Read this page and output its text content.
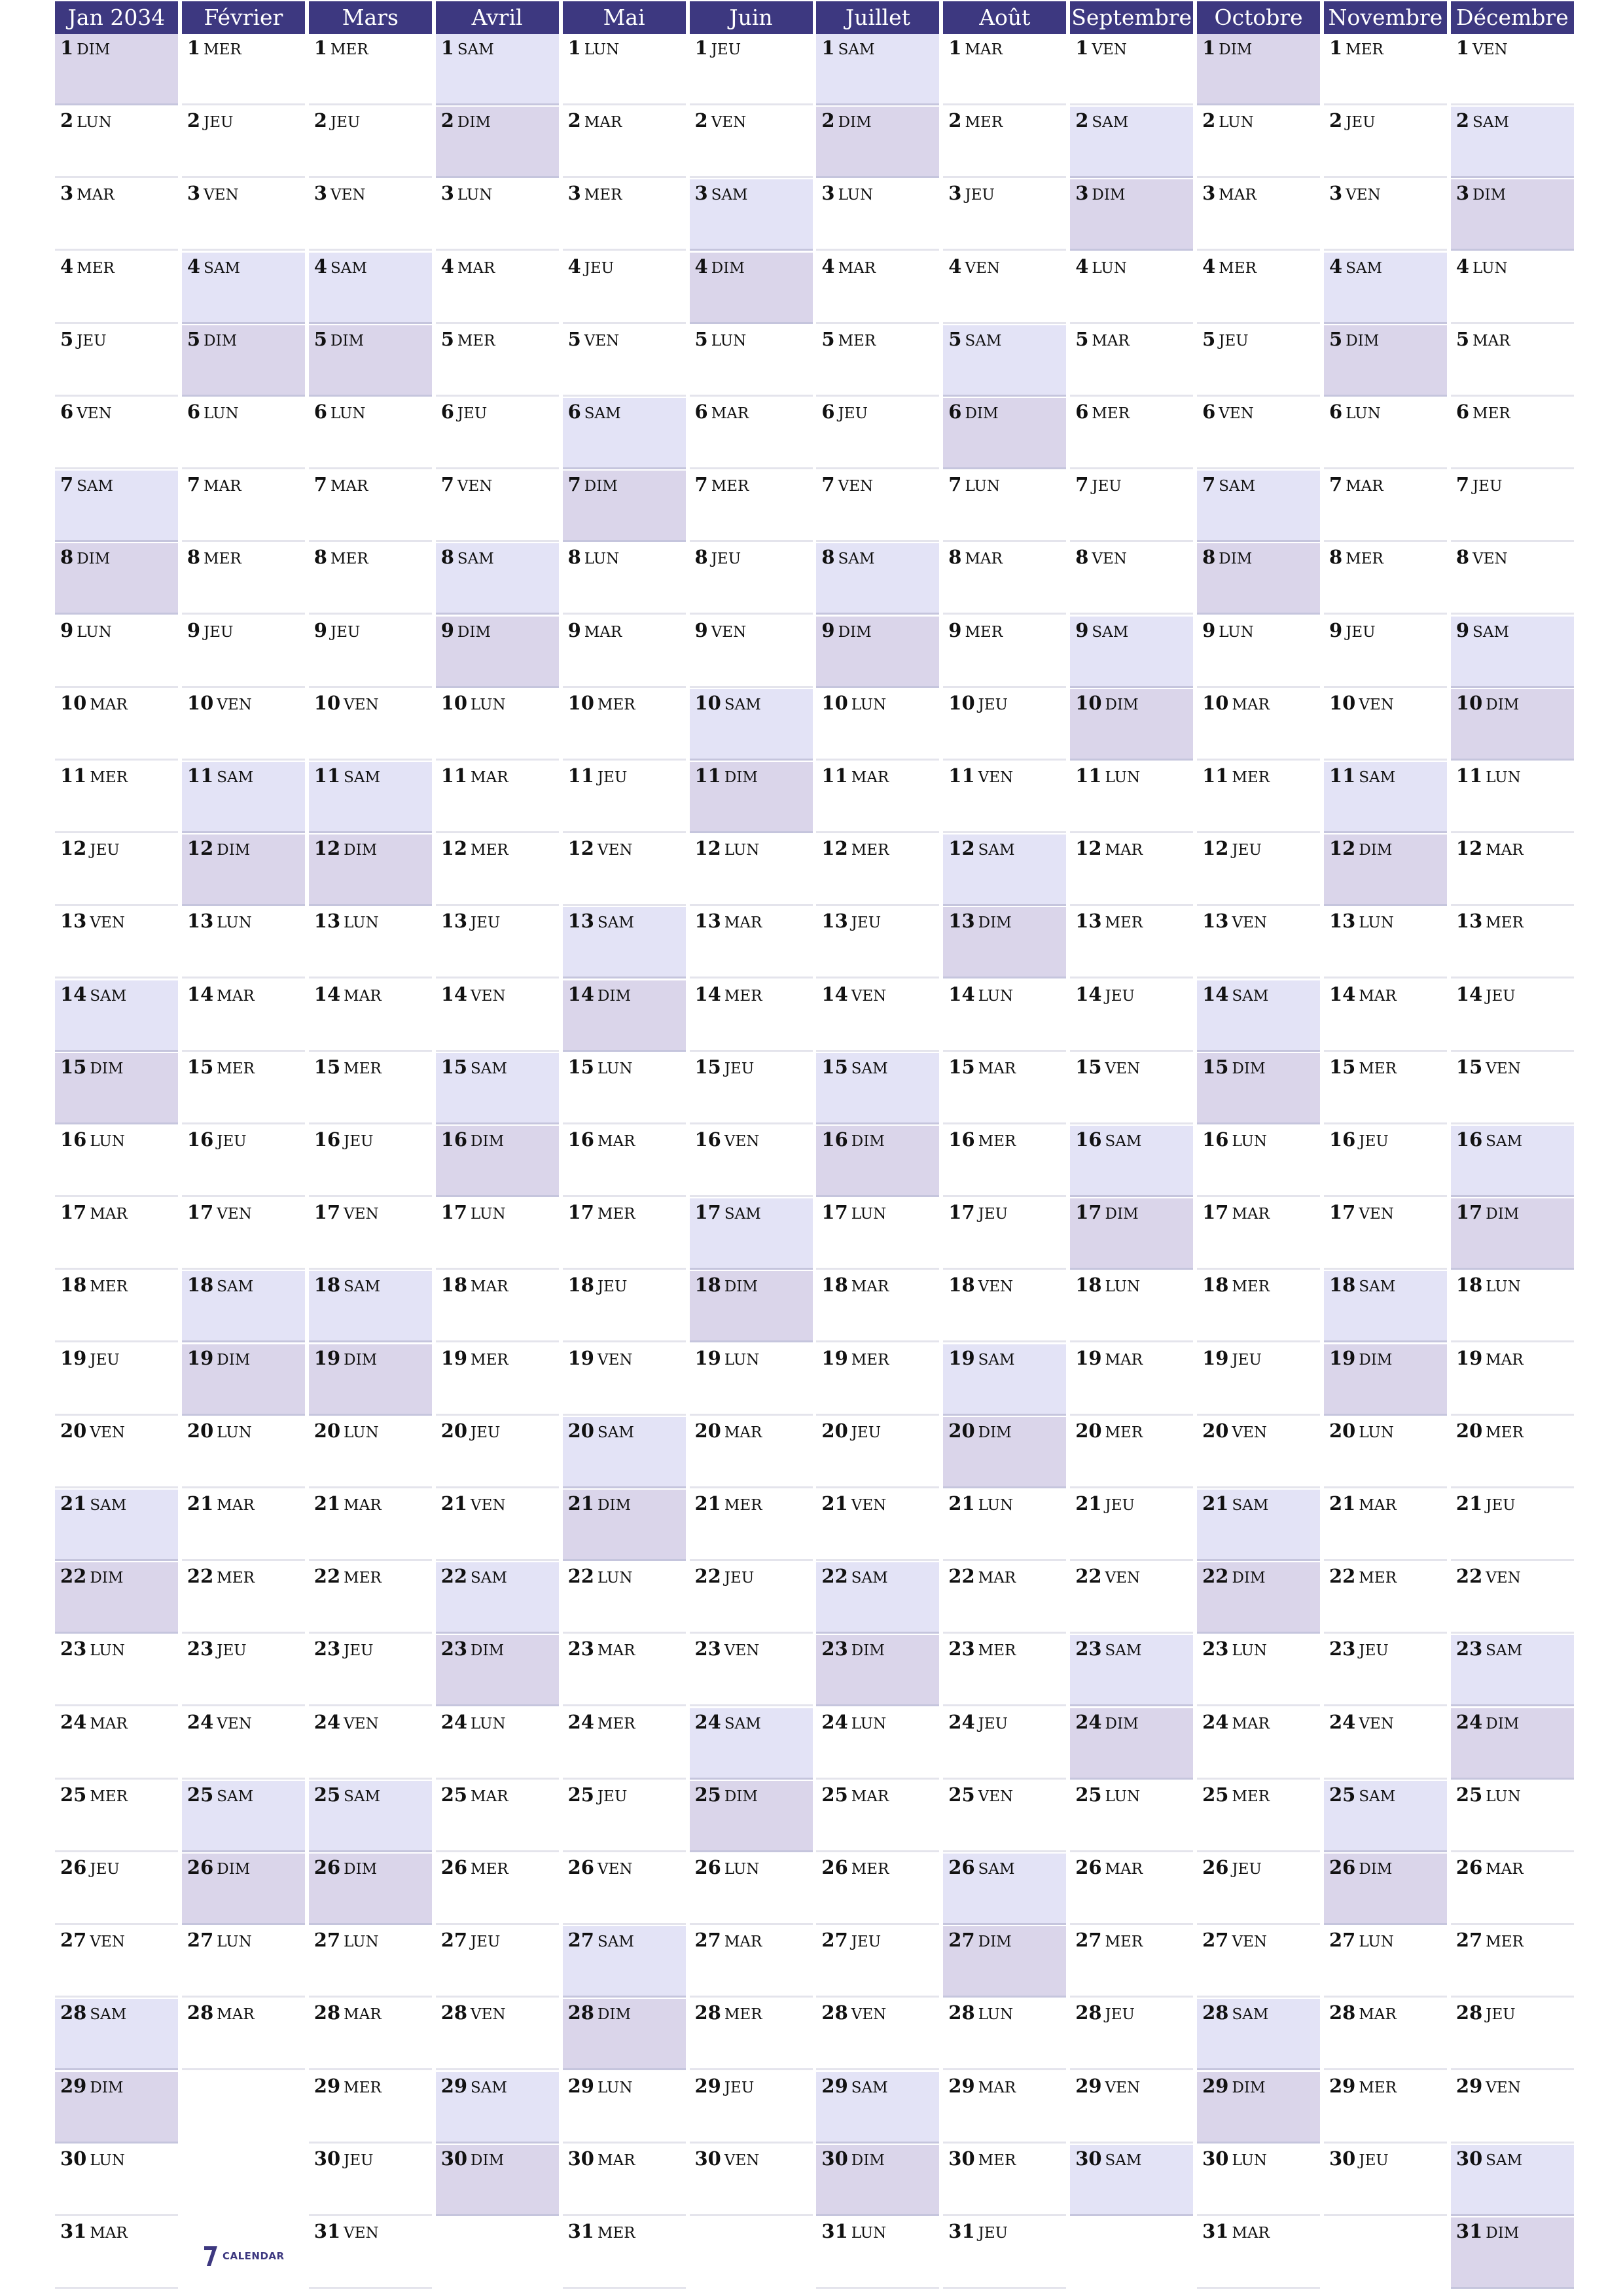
Jan 2034
1 DIM
2 LUN
3 MAR
4 MER
5 JEU
6 VEN
7 SAM
8 DIM
9 LUN
10 MAR
11 MER
12 JEU
13 VEN
14 SAM
15 DIM
16 LUN
17 MAR
18 MER
19 JEU
20 VEN
21 SAM
22 DIM
23 LUN
24 MAR
25 MER
26 JEU
27 VEN
28 SAM
29 DIM
30 LUN
31 MAR
Février
1 MER
2 JEU
3 VEN
4 SAM
5 DIM
6 LUN
7 MAR
8 MER
9 JEU
10 VEN
11 SAM
12 DIM
13 LUN
14 MAR
15 MER
16 JEU
17 VEN
18 SAM
19 DIM
20 LUN
21 MAR
22 MER
23 JEU
24 VEN
25 SAM
26 DIM
27 LUN
28 MAR
Mars
1 MER
2 JEU
3 VEN
4 SAM
5 DIM
6 LUN
7 MAR
8 MER
9 JEU
10 VEN
11 SAM
12 DIM
13 LUN
14 MAR
15 MER
16 JEU
17 VEN
18 SAM
19 DIM
20 LUN
21 MAR
22 MER
23 JEU
24 VEN
25 SAM
26 DIM
27 LUN
28 MAR
29 MER
30 JEU
31 VEN
Avril
1 SAM
2 DIM
3 LUN
4 MAR
5 MER
6 JEU
7 VEN
8 SAM
9 DIM
10 LUN
11 MAR
12 MER
13 JEU
14 VEN
15 SAM
16 DIM
17 LUN
18 MAR
19 MER
20 JEU
21 VEN
22 SAM
23 DIM
24 LUN
25 MAR
26 MER
27 JEU
28 VEN
29 SAM
30 DIM
Mai
1 LUN
2 MAR
3 MER
4 JEU
5 VEN
6 SAM
7 DIM
8 LUN
9 MAR
10 MER
11 JEU
12 VEN
13 SAM
14 DIM
15 LUN
16 MAR
17 MER
18 JEU
19 VEN
20 SAM
21 DIM
22 LUN
23 MAR
24 MER
25 JEU
26 VEN
27 SAM
28 DIM
29 LUN
30 MAR
31 MER
Juin
1 JEU
2 VEN
3 SAM
4 DIM
5 LUN
6 MAR
7 MER
8 JEU
9 VEN
10 SAM
11 DIM
12 LUN
13 MAR
14 MER
15 JEU
16 VEN
17 SAM
18 DIM
19 LUN
20 MAR
21 MER
22 JEU
23 VEN
24 SAM
25 DIM
26 LUN
27 MAR
28 MER
29 JEU
30 VEN
Juillet
1 SAM
2 DIM
3 LUN
4 MAR
5 MER
6 JEU
7 VEN
8 SAM
9 DIM
10 LUN
11 MAR
12 MER
13 JEU
14 VEN
15 SAM
16 DIM
17 LUN
18 MAR
19 MER
20 JEU
21 VEN
22 SAM
23 DIM
24 LUN
25 MAR
26 MER
27 JEU
28 VEN
29 SAM
30 DIM
31 LUN
Août
1 MAR
2 MER
3 JEU
4 VEN
5 SAM
6 DIM
7 LUN
8 MAR
9 MER
10 JEU
11 VEN
12 SAM
13 DIM
14 LUN
15 MAR
16 MER
17 JEU
18 VEN
19 SAM
20 DIM
21 LUN
22 MAR
23 MER
24 JEU
25 VEN
26 SAM
27 DIM
28 LUN
29 MAR
30 MER
31 JEU
Septembre
1 VEN
2 SAM
3 DIM
4 LUN
5 MAR
6 MER
7 JEU
8 VEN
9 SAM
10 DIM
11 LUN
12 MAR
13 MER
14 JEU
15 VEN
16 SAM
17 DIM
18 LUN
19 MAR
20 MER
21 JEU
22 VEN
23 SAM
24 DIM
25 LUN
26 MAR
27 MER
28 JEU
29 VEN
30 SAM
Octobre
1 DIM
2 LUN
3 MAR
4 MER
5 JEU
6 VEN
7 SAM
8 DIM
9 LUN
10 MAR
11 MER
12 JEU
13 VEN
14 SAM
15 DIM
16 LUN
17 MAR
18 MER
19 JEU
20 VEN
21 SAM
22 DIM
23 LUN
24 MAR
25 MER
26 JEU
27 VEN
28 SAM
29 DIM
30 LUN
31 MAR
Novembre
1 MER
2 JEU
3 VEN
4 SAM
5 DIM
6 LUN
7 MAR
8 MER
9 JEU
10 VEN
11 SAM
12 DIM
13 LUN
14 MAR
15 MER
16 JEU
17 VEN
18 SAM
19 DIM
20 LUN
21 MAR
22 MER
23 JEU
24 VEN
25 SAM
26 DIM
27 LUN
28 MAR
29 MER
30 JEU
Décembre
1 VEN
2 SAM
3 DIM
4 LUN
5 MAR
6 MER
7 JEU
8 VEN
9 SAM
10 DIM
11 LUN
12 MAR
13 MER
14 JEU
15 VEN
16 SAM
17 DIM
18 LUN
19 MAR
20 MER
21 JEU
22 VEN
23 SAM
24 DIM
25 LUN
26 MAR
27 MER
28 JEU
29 VEN
30 SAM
31 DIM
CALENDAR
